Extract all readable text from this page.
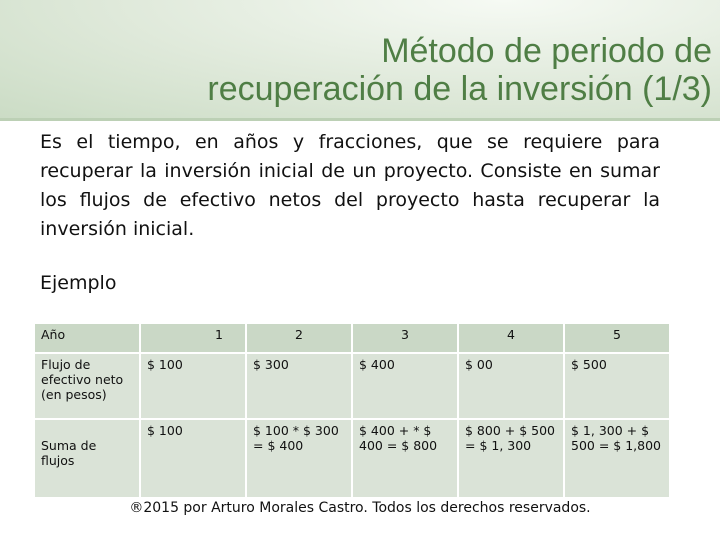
Método de periodo de
recuperación de la inversión (1/3)
Es el tiempo, en años y fracciones, que se requiere para recuperar la inversión inicial de un proyecto. Consiste en sumar los flujos de efectivo netos del proyecto hasta recuperar la inversión inicial.
Ejemplo
Año	1	2	3	4	5
Flujo de efectivo neto (en pesos)	$ 100	$ 300	$ 400	$ 00	$ 500
Suma de flujos	$ 100	$ 100 * $ 300 = $ 400	$ 400 + * $ 400 = $ 800	$ 800 + $ 500 = $ 1, 300	$ 1, 300 + $ 500 = $ 1,800
®2015 por Arturo Morales Castro. Todos los derechos reservados.
